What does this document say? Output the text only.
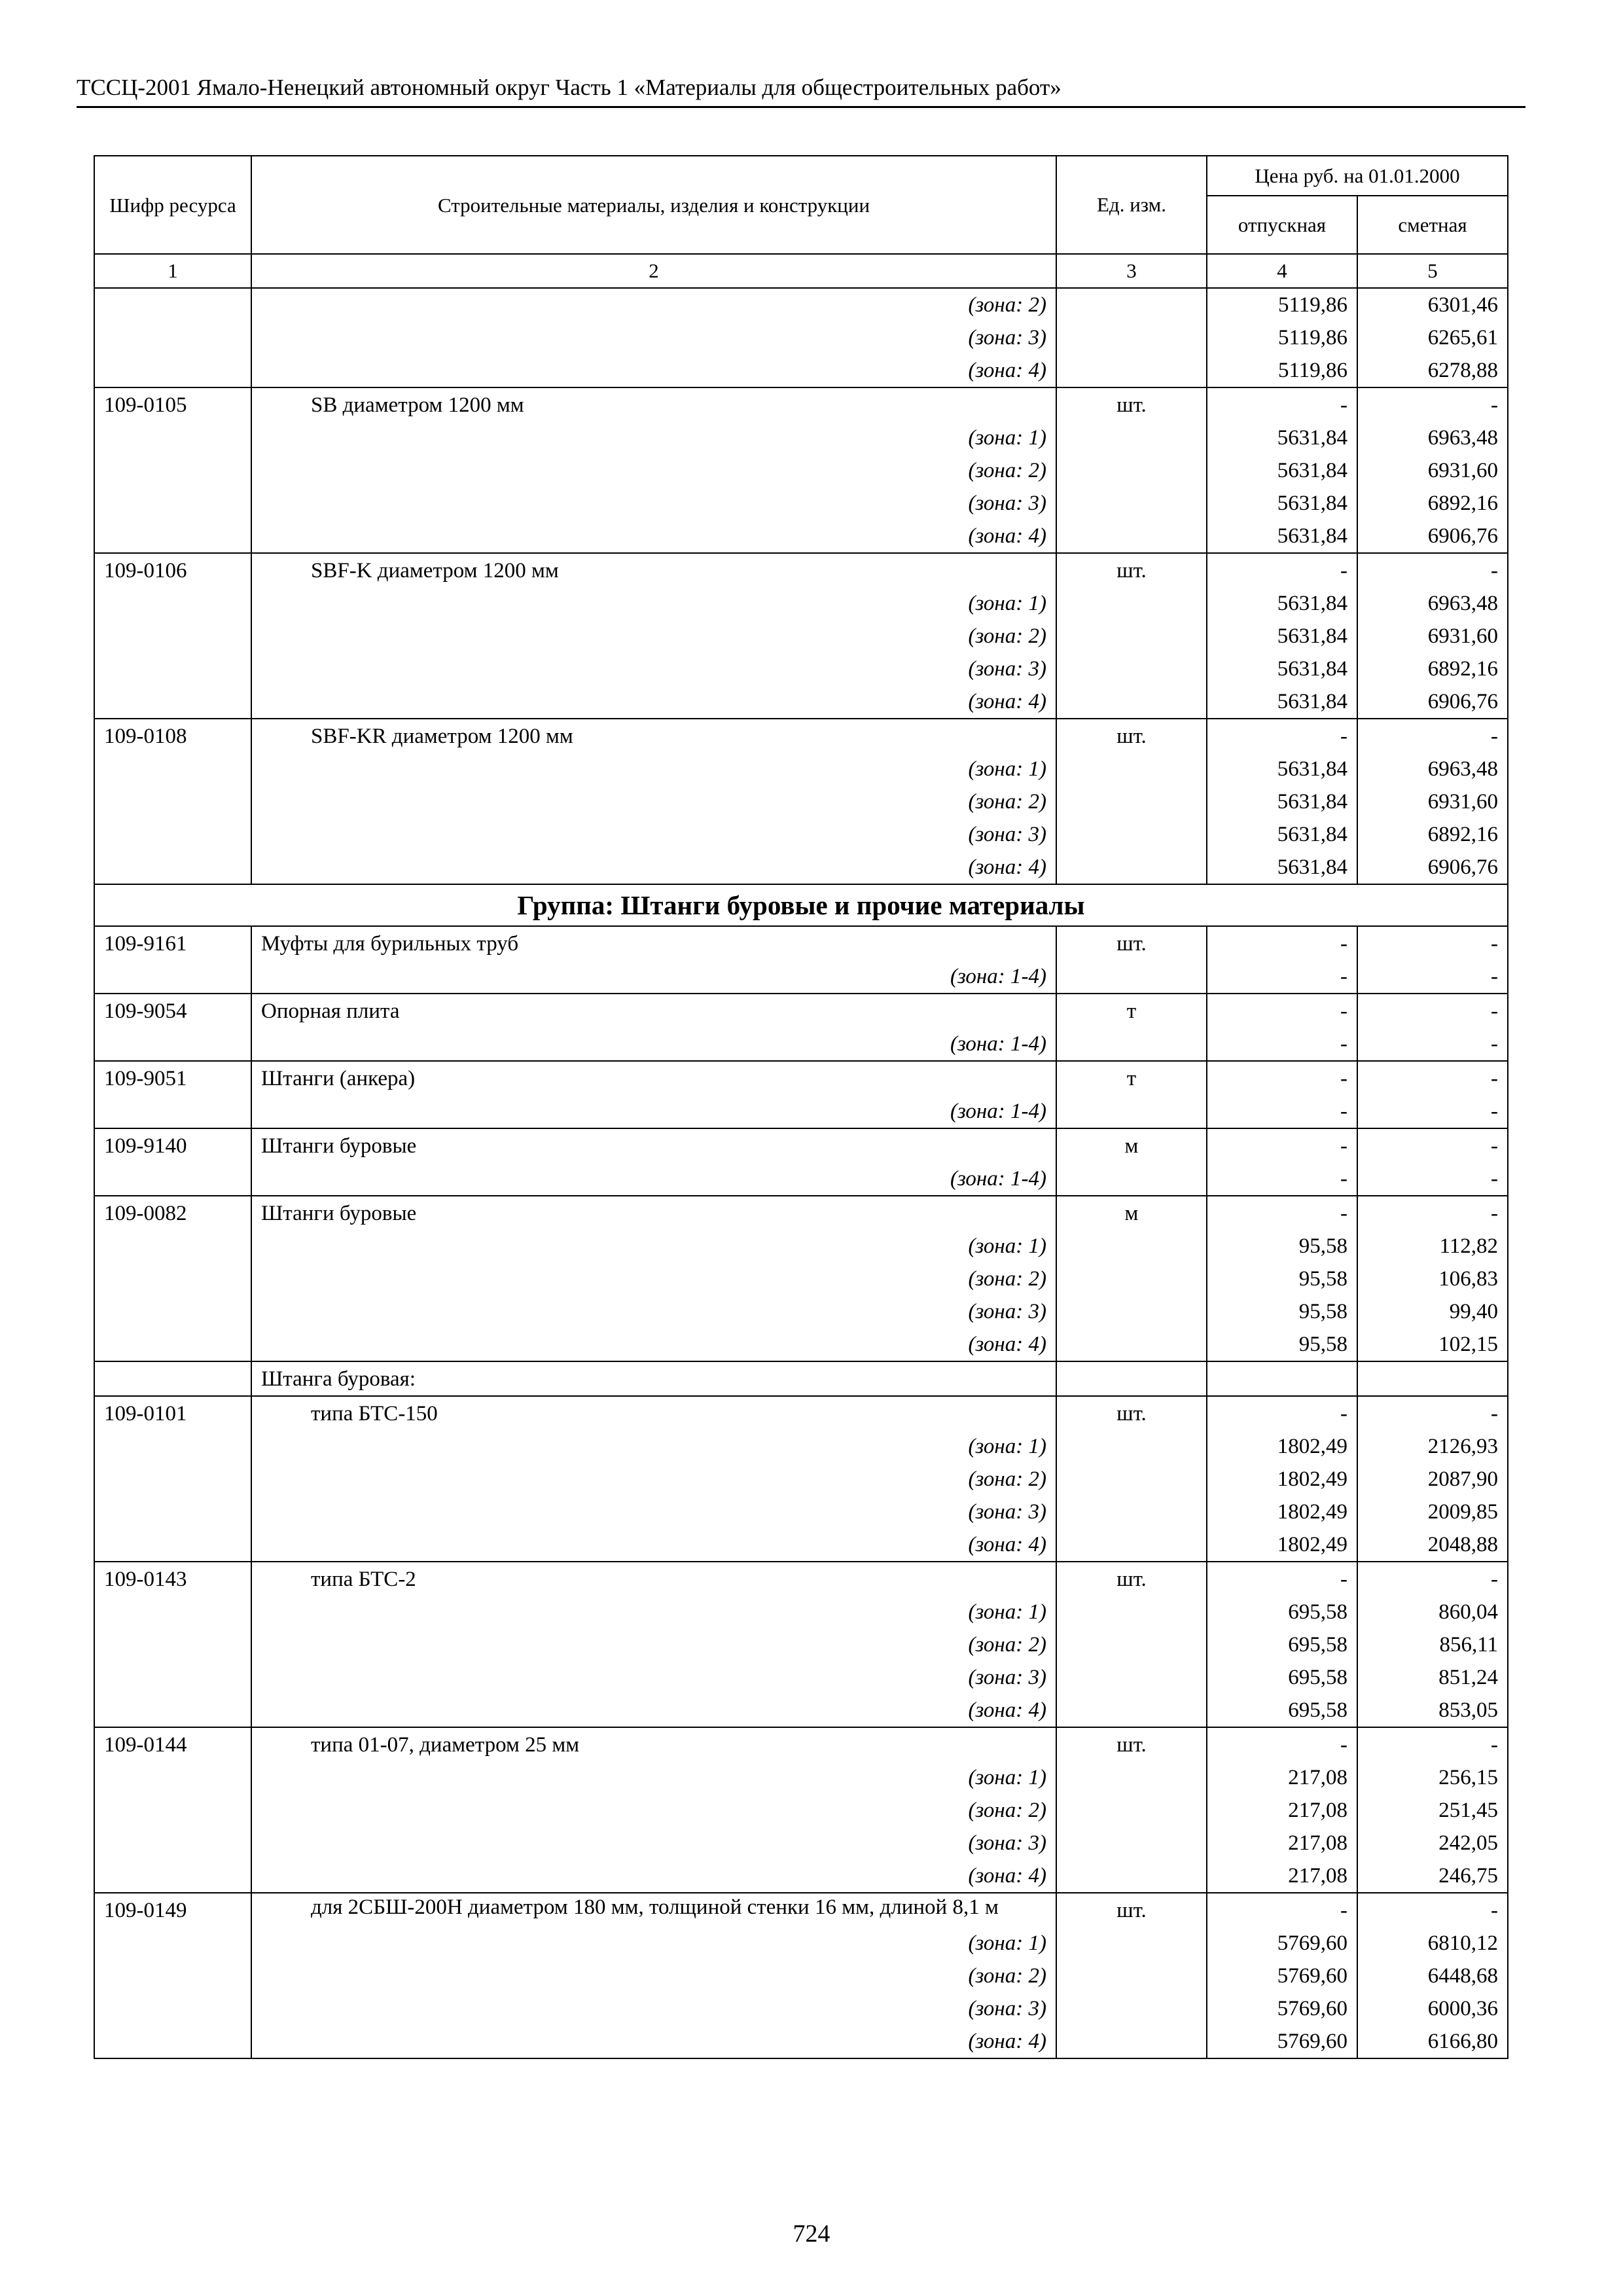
ТССЦ-2001 Ямало-Ненецкий автономный округ Часть 1 «Материалы для общестроительных работ»
Шифр ресурса	Строительные материалы, изделия и конструкции	Ед. изм.	Цена руб. на 01.01.2000	
			отпускная	сметная
1	2	3	4	5
	(зона: 2)		5119,86	6301,46
	(зона: 3)		5119,86	6265,61
	(зона: 4)		5119,86	6278,88
109-0105	SB диаметром 1200 мм	шт.	-	-
	(зона: 1)		5631,84	6963,48
	(зона: 2)		5631,84	6931,60
	(зона: 3)		5631,84	6892,16
	(зона: 4)		5631,84	6906,76
109-0106	SBF-K диаметром 1200 мм	шт.	-	-
	(зона: 1)		5631,84	6963,48
	(зона: 2)		5631,84	6931,60
	(зона: 3)		5631,84	6892,16
	(зона: 4)		5631,84	6906,76
109-0108	SBF-KR диаметром 1200 мм	шт.	-	-
	(зона: 1)		5631,84	6963,48
	(зона: 2)		5631,84	6931,60
	(зона: 3)		5631,84	6892,16
	(зона: 4)		5631,84	6906,76
Группа: Штанги буровые и прочие материалы				
109-9161	Муфты для бурильных труб	шт.	-	-
	(зона: 1-4)		-	-
109-9054	Опорная плита	т	-	-
	(зона: 1-4)		-	-
109-9051	Штанги (анкера)	т	-	-
	(зона: 1-4)		-	-
109-9140	Штанги буровые	м	-	-
	(зона: 1-4)		-	-
109-0082	Штанги буровые	м	-	-
	(зона: 1)		95,58	112,82
	(зона: 2)		95,58	106,83
	(зона: 3)		95,58	99,40
	(зона: 4)		95,58	102,15
	Штанга буровая:			
109-0101	типа БТС-150	шт.	-	-
	(зона: 1)		1802,49	2126,93
	(зона: 2)		1802,49	2087,90
	(зона: 3)		1802,49	2009,85
	(зона: 4)		1802,49	2048,88
109-0143	типа БТС-2	шт.	-	-
	(зона: 1)		695,58	860,04
	(зона: 2)		695,58	856,11
	(зона: 3)		695,58	851,24
	(зона: 4)		695,58	853,05
109-0144	типа 01-07, диаметром 25 мм	шт.	-	-
	(зона: 1)		217,08	256,15
	(зона: 2)		217,08	251,45
	(зона: 3)		217,08	242,05
	(зона: 4)		217,08	246,75
109-0149	для 2СБШ-200Н диаметром 180 мм, толщиной стенки 16 мм, длиной 8,1 м	шт.	-	-
	(зона: 1)		5769,60	6810,12
	(зона: 2)		5769,60	6448,68
	(зона: 3)		5769,60	6000,36
	(зона: 4)		5769,60	6166,80
724
